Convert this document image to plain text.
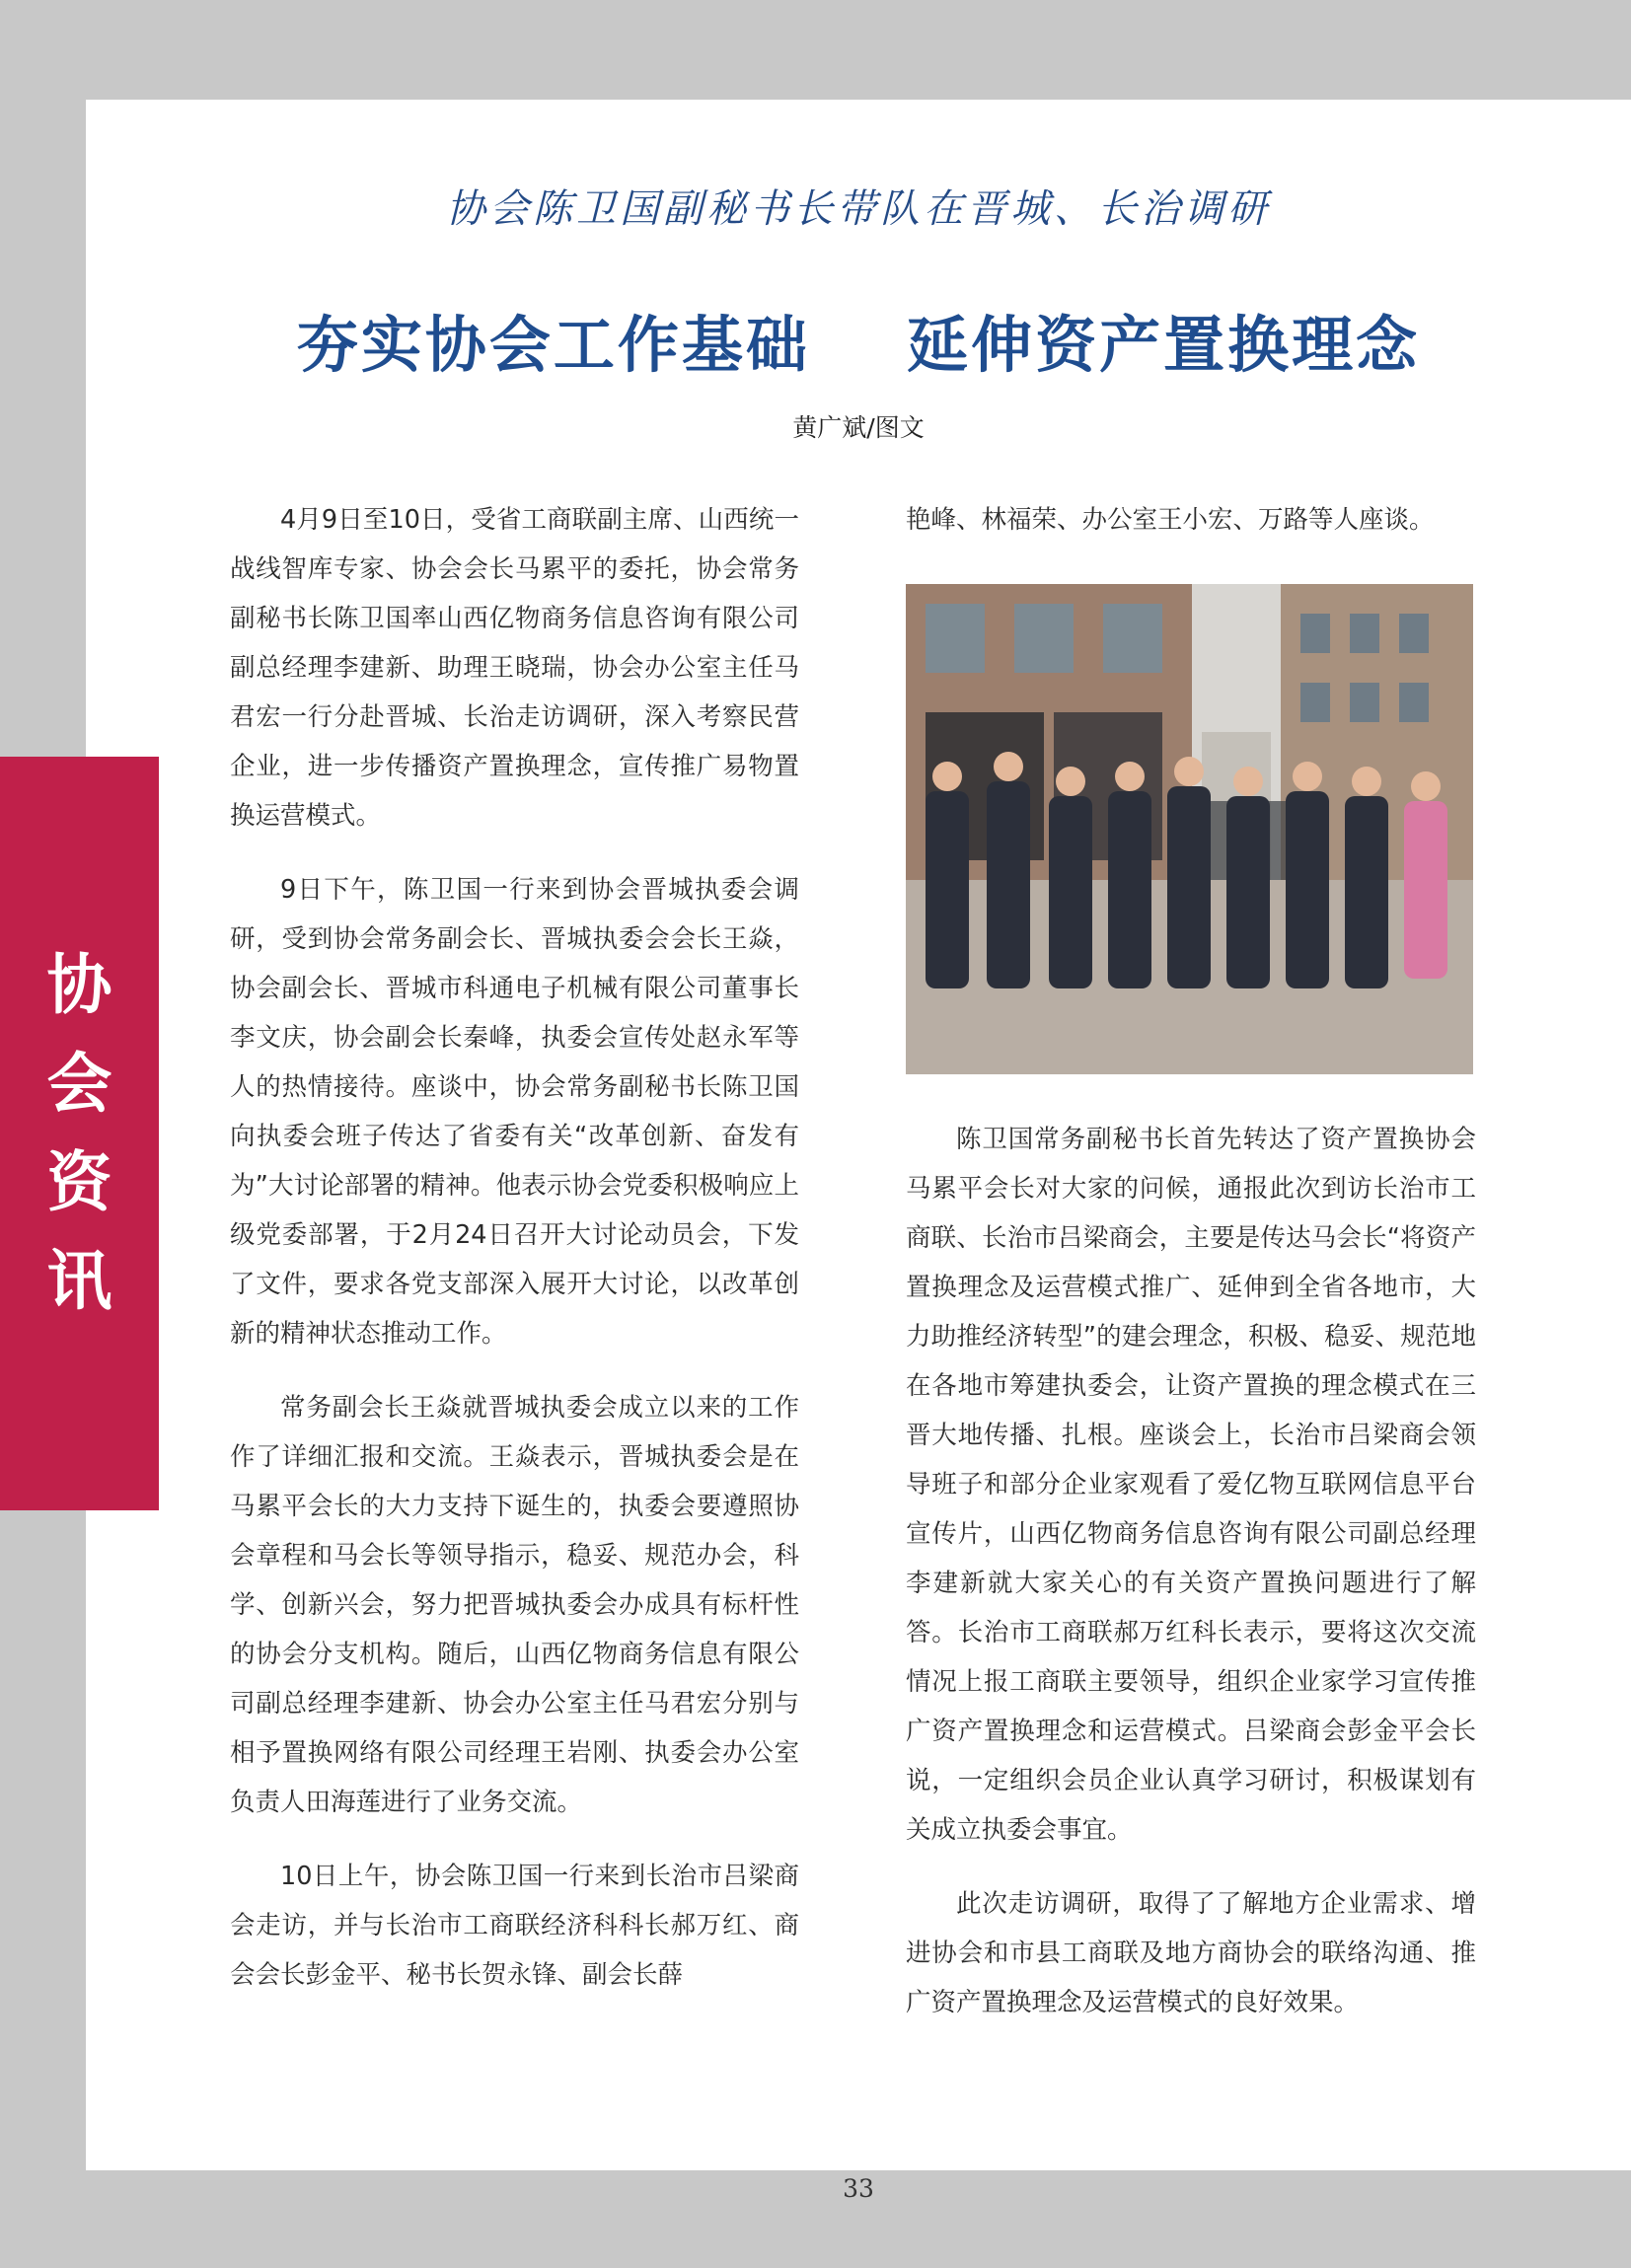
协
会
资
讯
协会陈卫国副秘书长带队在晋城、长治调研
夯实协会工作基础    延伸资产置换理念
黄广斌/图文

4月9日至10日，受省工商联副主席、山西统一战线智库专家、协会会长马累平的委托，协会常务副秘书长陈卫国率山西亿物商务信息咨询有限公司副总经理李建新、助理王晓瑞，协会办公室主任马君宏一行分赴晋城、长治走访调研，深入考察民营企业，进一步传播资产置换理念，宣传推广易物置换运营模式。

9日下午，陈卫国一行来到协会晋城执委会调研，受到协会常务副会长、晋城执委会会长王焱，协会副会长、晋城市科通电子机械有限公司董事长李文庆，协会副会长秦峰，执委会宣传处赵永军等人的热情接待。座谈中，协会常务副秘书长陈卫国向执委会班子传达了省委有关“改革创新、奋发有为”大讨论部署的精神。他表示协会党委积极响应上级党委部署，于2月24日召开大讨论动员会，下发了文件，要求各党支部深入展开大讨论，以改革创新的精神状态推动工作。

常务副会长王焱就晋城执委会成立以来的工作作了详细汇报和交流。王焱表示，晋城执委会是在马累平会长的大力支持下诞生的，执委会要遵照协会章程和马会长等领导指示，稳妥、规范办会，科学、创新兴会，努力把晋城执委会办成具有标杆性的协会分支机构。随后，山西亿物商务信息有限公司副总经理李建新、协会办公室主任马君宏分别与相予置换网络有限公司经理王岩刚、执委会办公室负责人田海莲进行了业务交流。

10日上午，协会陈卫国一行来到长治市吕梁商会走访，并与长治市工商联经济科科长郝万红、商会会长彭金平、秘书长贺永锋、副会长薛

艳峰、林福荣、办公室王小宏、万路等人座谈。

陈卫国常务副秘书长首先转达了资产置换协会马累平会长对大家的问候，通报此次到访长治市工商联、长治市吕梁商会，主要是传达马会长“将资产置换理念及运营模式推广、延伸到全省各地市，大力助推经济转型”的建会理念，积极、稳妥、规范地在各地市筹建执委会，让资产置换的理念模式在三晋大地传播、扎根。座谈会上，长治市吕梁商会领导班子和部分企业家观看了爱亿物互联网信息平台宣传片，山西亿物商务信息咨询有限公司副总经理李建新就大家关心的有关资产置换问题进行了解答。长治市工商联郝万红科长表示，要将这次交流情况上报工商联主要领导，组织企业家学习宣传推广资产置换理念和运营模式。吕梁商会彭金平会长说，一定组织会员企业认真学习研讨，积极谋划有关成立执委会事宜。

此次走访调研，取得了了解地方企业需求、增进协会和市县工商联及地方商协会的联络沟通、推广资产置换理念及运营模式的良好效果。

33
